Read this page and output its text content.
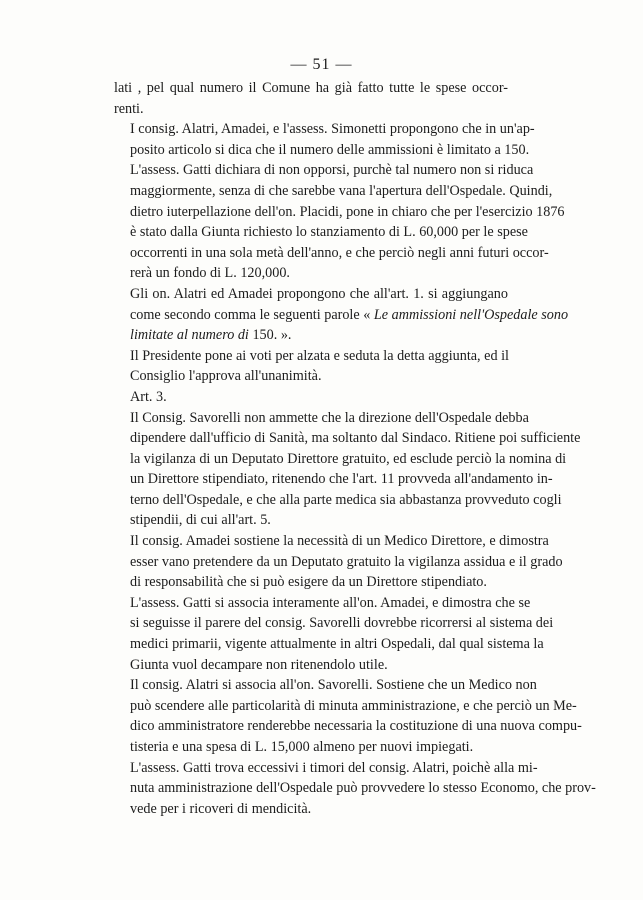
— 51 —

lati , pel qual numero il Comune ha già fatto tutte le spese occor-
renti.

I consig. Alatri, Amadei, e l'assess. Simonetti propongono che in un'ap-
posito articolo si dica che il numero delle ammissioni è limitato a 150.

L'assess. Gatti dichiara di non opporsi, purchè tal numero non si riduca
maggiormente, senza di che sarebbe vana l'apertura dell'Ospedale. Quindi,
dietro iuterpellazione dell'on. Placidi, pone in chiaro che per l'esercizio 1876
è stato dalla Giunta richiesto lo stanziamento di L. 60,000 per le spese
occorrenti in una sola metà dell'anno, e che perciò negli anni futuri occor-
rerà un fondo di L. 120,000.

Gli on. Alatri ed Amadei propongono che all'art. 1. si aggiungano
come secondo comma le seguenti parole « Le ammissioni nell'Ospedale sono
limitate al numero di 150. ».

Il Presidente pone ai voti per alzata e seduta la detta aggiunta, ed il
Consiglio l'approva all'unanimità.

Art. 3.

Il Consig. Savorelli non ammette che la direzione dell'Ospedale debba
dipendere dall'ufficio di Sanità, ma soltanto dal Sindaco. Ritiene poi sufficiente
la vigilanza di un Deputato Direttore gratuito, ed esclude perciò la nomina di
un Direttore stipendiato, ritenendo che l'art. 11 provveda all'andamento in-
terno dell'Ospedale, e che alla parte medica sia abbastanza provveduto cogli
stipendii, di cui all'art. 5.

Il consig. Amadei sostiene la necessità di un Medico Direttore, e dimostra
esser vano pretendere da un Deputato gratuito la vigilanza assidua e il grado
di responsabilità che si può esigere da un Direttore stipendiato.

L'assess. Gatti si associa interamente all'on. Amadei, e dimostra che se
si seguisse il parere del consig. Savorelli dovrebbe ricorrersi al sistema dei
medici primarii, vigente attualmente in altri Ospedali, dal qual sistema la
Giunta vuol decampare non ritenendolo utile.

Il consig. Alatri si associa all'on. Savorelli. Sostiene che un Medico non
può scendere alle particolarità di minuta amministrazione, e che perciò un Me-
dico amministratore renderebbe necessaria la costituzione di una nuova compu-
tisteria e una spesa di L. 15,000 almeno per nuovi impiegati.

L'assess. Gatti trova eccessivi i timori del consig. Alatri, poichè alla mi-
nuta amministrazione dell'Ospedale può provvedere lo stesso Economo, che prov-
vede per i ricoveri di mendicità.
